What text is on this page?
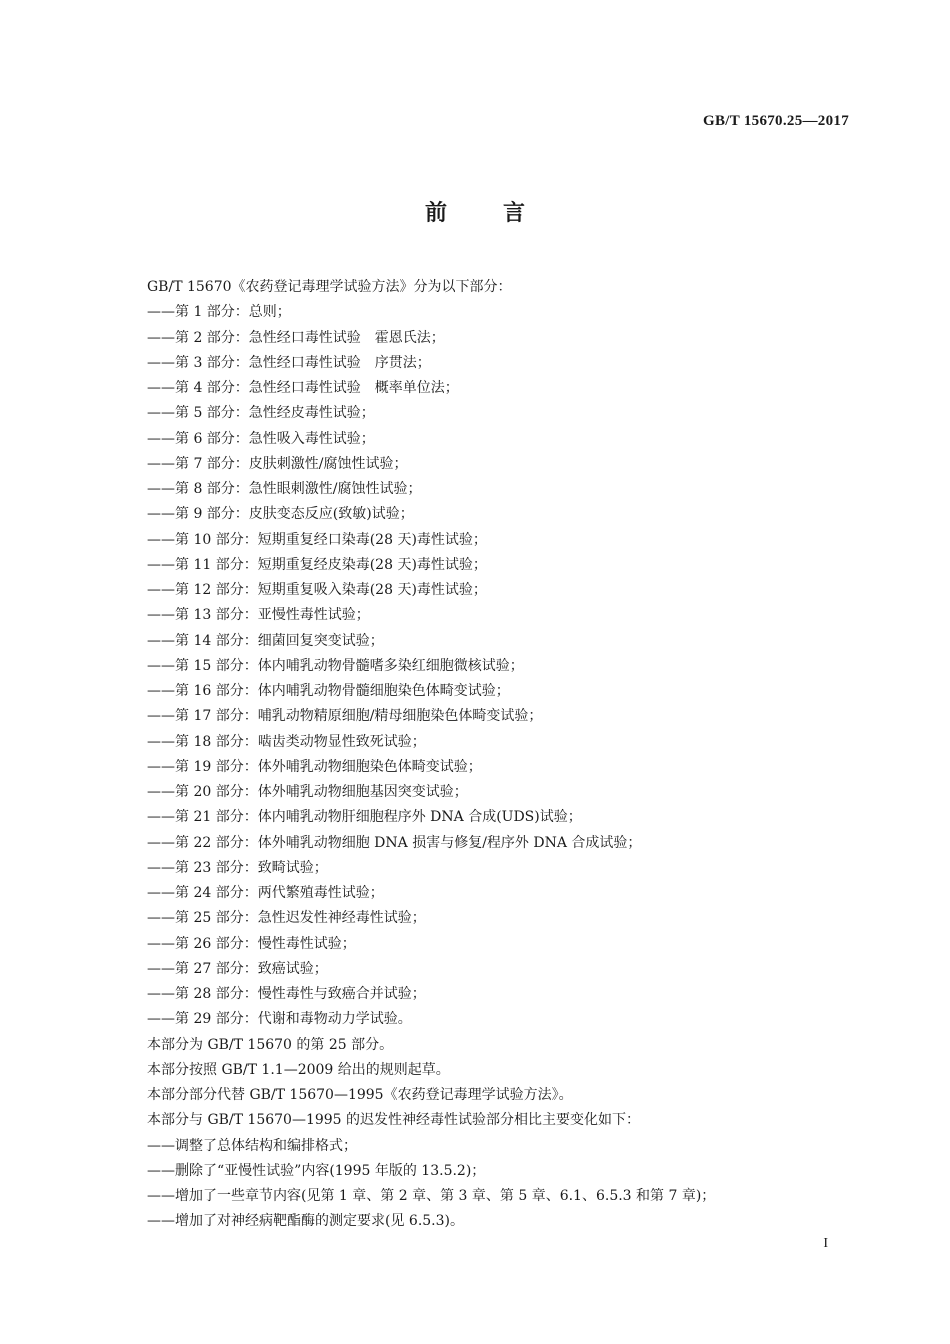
GB/T 15670.25—2017
前言
GB/T 15670《农药登记毒理学试验方法》分为以下部分：
——第 1 部分：总则；
——第 2 部分：急性经口毒性试验　霍恩氏法；
——第 3 部分：急性经口毒性试验　序贯法；
——第 4 部分：急性经口毒性试验　概率单位法；
——第 5 部分：急性经皮毒性试验；
——第 6 部分：急性吸入毒性试验；
——第 7 部分：皮肤刺激性/腐蚀性试验；
——第 8 部分：急性眼刺激性/腐蚀性试验；
——第 9 部分：皮肤变态反应(致敏)试验；
——第 10 部分：短期重复经口染毒(28 天)毒性试验；
——第 11 部分：短期重复经皮染毒(28 天)毒性试验；
——第 12 部分：短期重复吸入染毒(28 天)毒性试验；
——第 13 部分：亚慢性毒性试验；
——第 14 部分：细菌回复突变试验；
——第 15 部分：体内哺乳动物骨髓嗜多染红细胞微核试验；
——第 16 部分：体内哺乳动物骨髓细胞染色体畸变试验；
——第 17 部分：哺乳动物精原细胞/精母细胞染色体畸变试验；
——第 18 部分：啮齿类动物显性致死试验；
——第 19 部分：体外哺乳动物细胞染色体畸变试验；
——第 20 部分：体外哺乳动物细胞基因突变试验；
——第 21 部分：体内哺乳动物肝细胞程序外 DNA 合成(UDS)试验；
——第 22 部分：体外哺乳动物细胞 DNA 损害与修复/程序外 DNA 合成试验；
——第 23 部分：致畸试验；
——第 24 部分：两代繁殖毒性试验；
——第 25 部分：急性迟发性神经毒性试验；
——第 26 部分：慢性毒性试验；
——第 27 部分：致癌试验；
——第 28 部分：慢性毒性与致癌合并试验；
——第 29 部分：代谢和毒物动力学试验。
本部分为 GB/T 15670 的第 25 部分。
本部分按照 GB/T 1.1—2009 给出的规则起草。
本部分部分代替 GB/T 15670—1995《农药登记毒理学试验方法》。
本部分与 GB/T 15670—1995 的迟发性神经毒性试验部分相比主要变化如下：
——调整了总体结构和编排格式；
——删除了“亚慢性试验”内容(1995 年版的 13.5.2)；
——增加了一些章节内容(见第 1 章、第 2 章、第 3 章、第 5 章、6.1、6.5.3 和第 7 章)；
——增加了对神经病靶酯酶的测定要求(见 6.5.3)。
I
